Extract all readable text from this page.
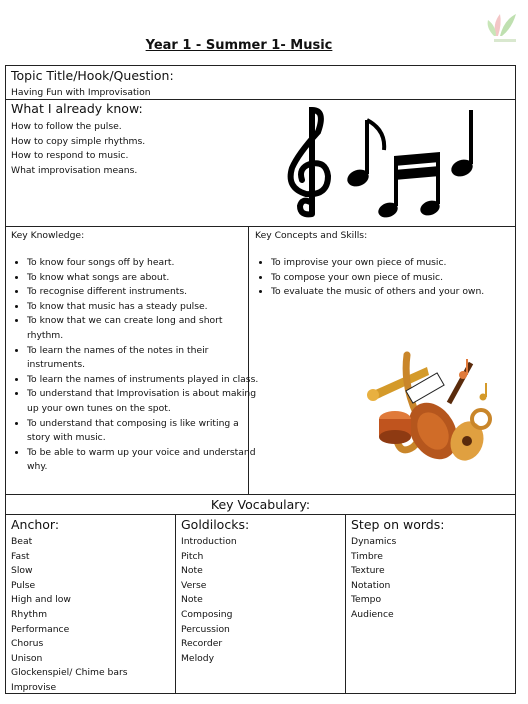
Year 1 - Summer 1- Music
Topic Title/Hook/Question:
Having Fun with Improvisation
What I already know:
How to follow the pulse.
How to copy simple rhythms.
How to respond to music.
What improvisation means.
Key Knowledge:
• To know four songs off by heart.
• To know what songs are about.
• To recognise different instruments.
• To know that music has a steady pulse.
• To know that we can create long and short rhythm.
• To learn the names of the notes in their instruments.
• To learn the names of instruments played in class.
• To understand that Improvisation is about making up your own tunes on the spot.
• To understand that composing is like writing a story with music.
• To be able to warm up your voice and understand why.
Key Concepts and Skills:
• To improvise your own piece of music.
• To compose your own piece of music.
• To evaluate the music of others and your own.
Key Vocabulary:
Anchor:
Beat
Fast
Slow
Pulse
High and low
Rhythm
Performance
Chorus
Unison
Glockenspiel/ Chime bars
Improvise
Goldilocks:
Introduction
Pitch
Note
Verse
Note
Composing
Percussion
Recorder
Melody
Step on words:
Dynamics
Timbre
Texture
Notation
Tempo
Audience
